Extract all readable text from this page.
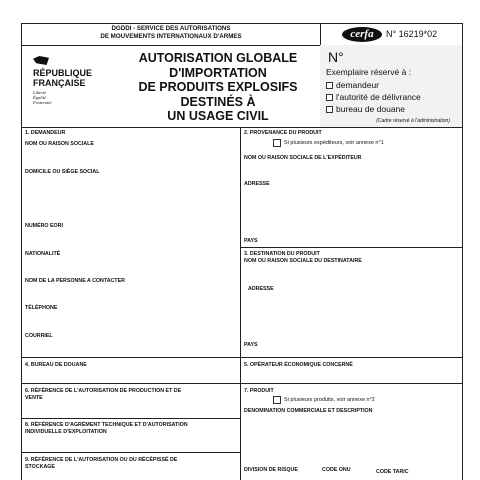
DGDDI - SERVICE DES AUTORISATIONS
DE MOUVEMENTS INTERNATIONAUX D'ARMES	cerfa	N° 16219*02
RÉPUBLIQUE
FRANÇAISE
Liberté
Égalité
Fraternité
AUTORISATION GLOBALE
D'IMPORTATION
DE PRODUITS EXPLOSIFS
DESTINÉS À
UN USAGE CIVIL
N°
Exemplaire réservé à :
demandeur
l'autorité de délivrance
bureau de douane
(Cadre réservé à l'administration)
1. DEMANDEUR
NOM OU RAISON SOCIALE
DOMICILE OU SIÈGE SOCIAL
NUMÉRO EORI
NATIONALITÉ
NOM DE LA PERSONNE A CONTACTER
TÉLÉPHONE
COURRIEL
4. BUREAU DE DOUANE
6. RÉFÉRENCE DE L'AUTORISATION DE PRODUCTION ET DE
VENTE
8. RÉFÉRENCE D'AGRÉMENT TECHNIQUE ET D'AUTORISATION
INDIVIDUELLE D'EXPLOITATION
9. RÉFÉRENCE DE L'AUTORISATION OU DU RÉCÉPISSÉ DE
STOCKAGE
2. PROVENANCE DU PRODUIT
Si plusieurs expéditeurs, voir annexe n°1
NOM OU RAISON SOCIALE DE L'EXPÉDITEUR
ADRESSE
PAYS
3. DESTINATION DU PRODUIT
NOM OU RAISON SOCIALE DU DESTINATAIRE
ADRESSE
PAYS
5. OPÉRATEUR ÉCONOMIQUE CONCERNÉ
7. PRODUIT
Si plusieurs produits, voir annexe n°2
DENOMINATION COMMERCIALE ET DESCRIPTION
DIVISION DE RISQUE	CODE ONU	CODE TARIC
